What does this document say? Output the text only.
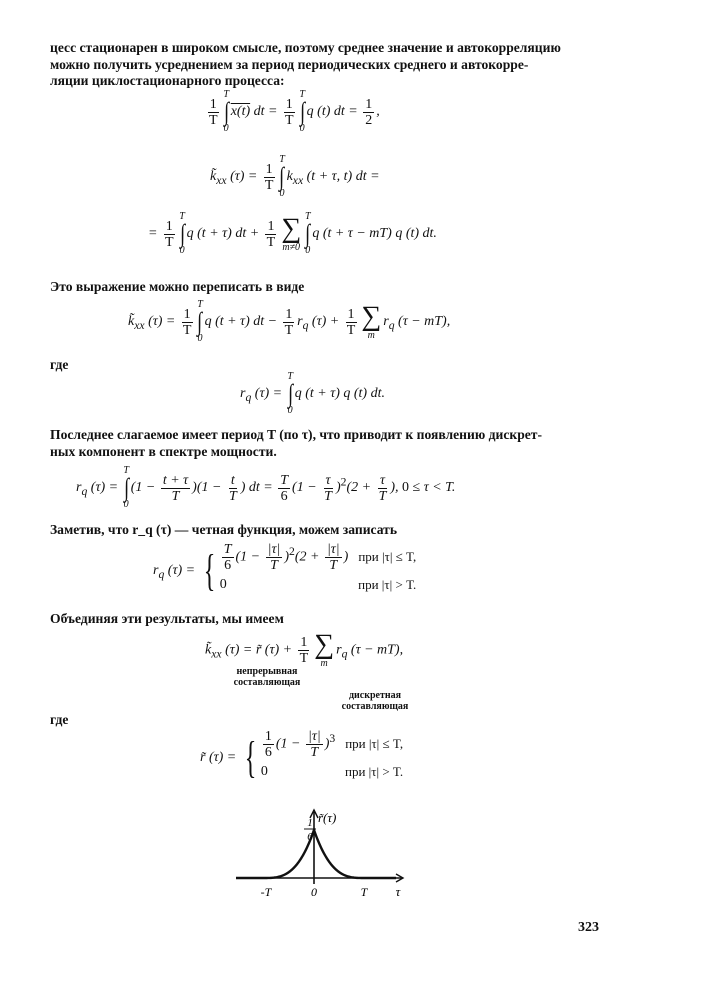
цесс стационарен в широком смысле, поэтому среднее значение и автокорреляцию
можно получить усреднением за период периодических среднего и автокорре-
ляции циклостационарного процесса:
$\frac{1}{T}$
T
∫
0
x(t) dt = $\frac{1}{T}$
T
∫
0
q (t) dt = $\frac{1}{2}$ ,
$k̃_{xx}$ $(\tau) = \frac{1}{T}$
T
∫
0
$k_{xx}$ (t + τ, t) dt =
= $\frac{1}{T}$
T
∫
0
q (t + τ) dt + $\frac{1}{T}$ ∑
m≠0
T
∫
0
q (t + τ − mT) q (t) dt.
Это выражение можно переписать в виде
$k̃_{xx}$ $(\tau) = \frac{1}{T}$
T
∫
0
q (t + τ) dt − $\frac{1}{T} r_q$ $(\tau) + \frac{1}{T}$ ∑
m
$r_q$ (τ − mT),
где
$r_q$ (τ) =
T
∫
0
q (t + τ) q (t) dt.
Последнее слагаемое имеет период T (по τ), что приводит к появлению дискрет-
ных компонент в спектре мощности.
$r_q$ (τ) =
T
∫
0
$(1 - \frac{t + \tau}{T} )(1 - \frac{t}{T}$ ) dt = $\frac{T}{6} (1 - \frac{\tau}{T} )^2(2 + \frac{\tau}{T}$ ), 0 ≤ τ < T.
Заметив, что r_q (τ) — четная функция, можем записать
$r_q$ (τ) = { $\frac{T}{6} (1 - \frac{|\tau|}{T} )^2(2 + \frac{|\tau|}{T}$ ) при |τ| ≤ T,
0	при |τ| > T.
Объединяя эти результаты, мы имеем
$k̃_{xx}$ (τ) = r̃ $(\tau) + \frac{1}{T}$ ∑
m
$r_q$ (τ − mT),
непрерывная
составляющая
дискретная
составляющая
где
r̃ (τ) = { $\frac{1}{6} (1 - \frac{|\tau|}{T} )^3$ при |τ| ≤ T,
0	при |τ| > T.
1
6
r̃(τ)
-T	0	T τ
323
